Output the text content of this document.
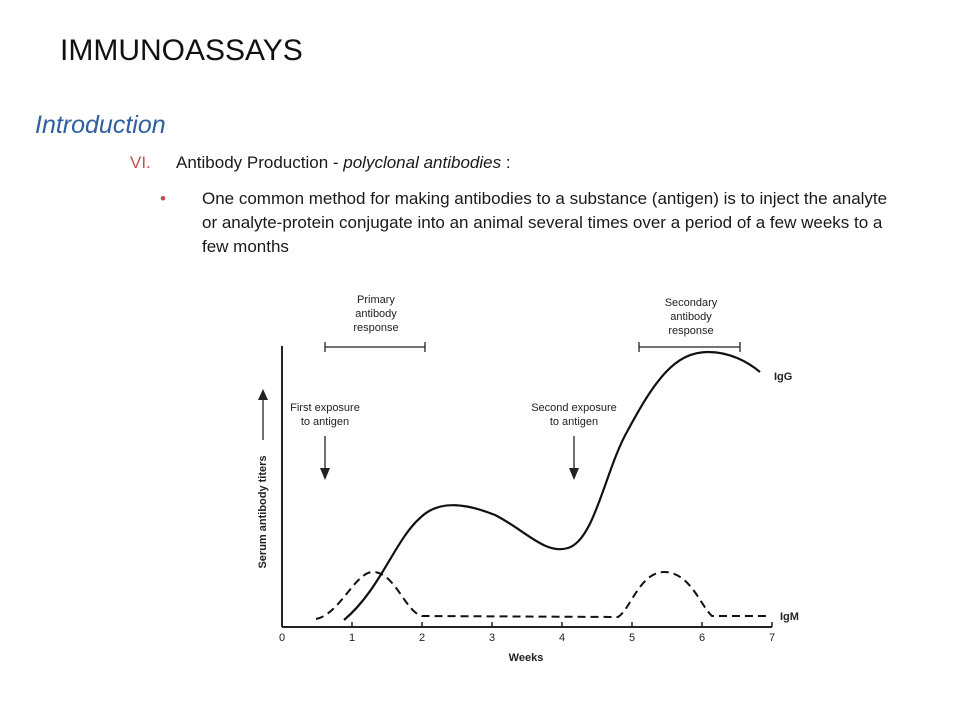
IMMUNOASSAYS
Introduction
VI. Antibody Production - polyclonal antibodies :
• One common method for making antibodies to a substance (antigen) is to inject the analyte or analyte-protein conjugate into an animal several times over a period of a few weeks to a few months
0	1	2	3	4	5	6	7
Weeks
Serum antibody titers
Primary
antibody
response
Secondary
antibody
response
First exposure
to antigen
Second exposure
to antigen
IgG
IgM
